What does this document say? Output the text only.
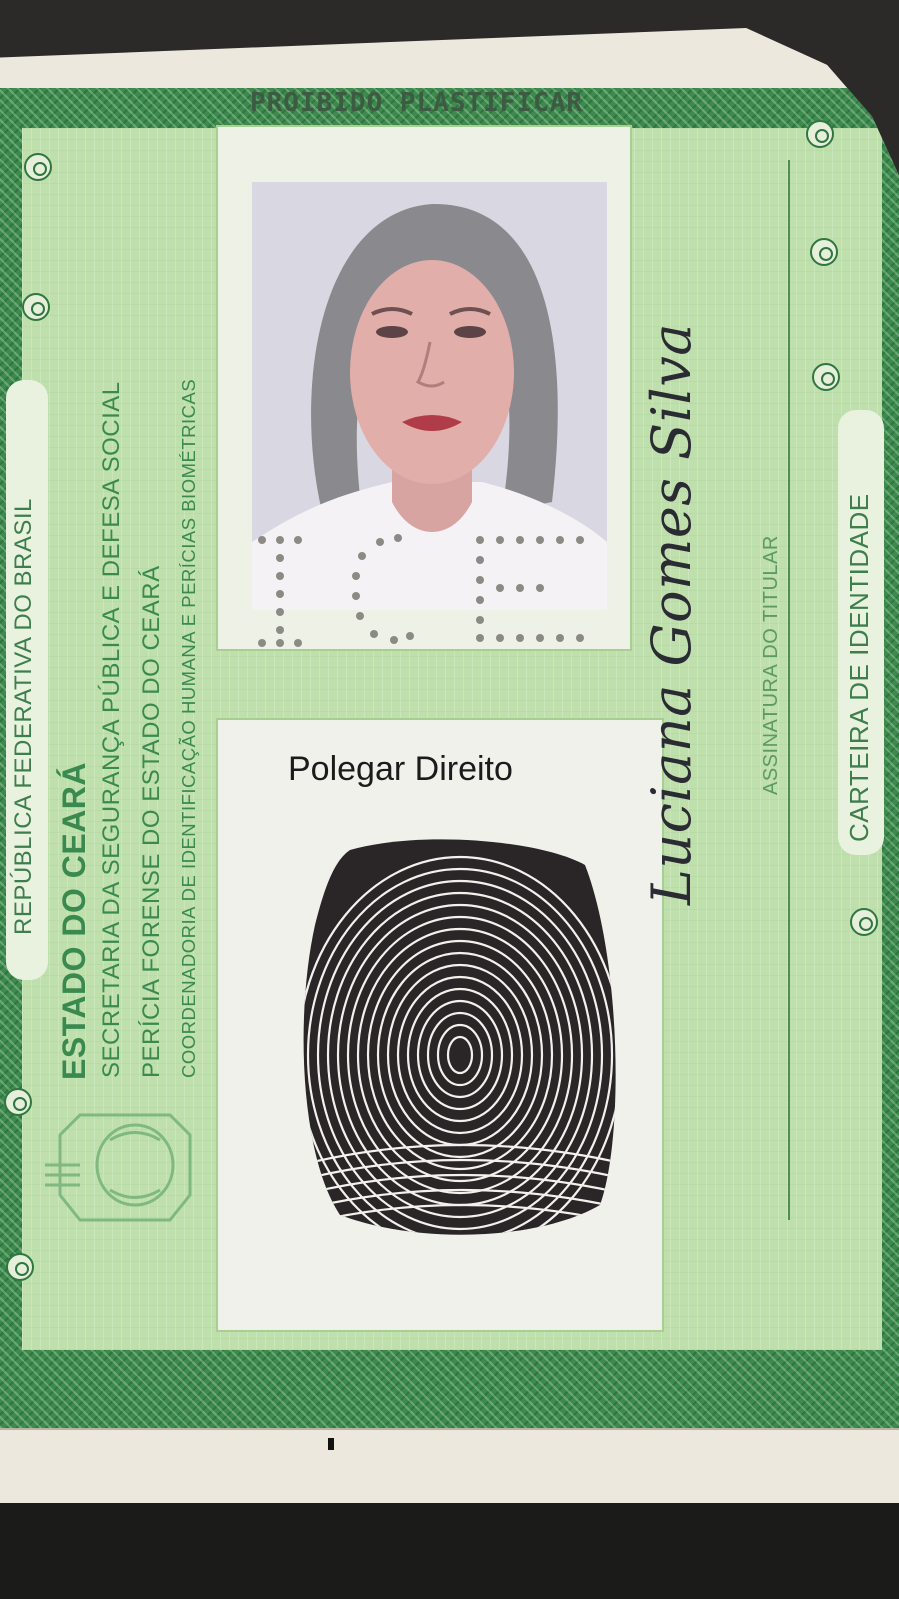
PROIBIDO PLASTIFICAR
REPÚBLICA FEDERATIVA DO BRASIL ESTADO DO CEARÁ SECRETARIA DA SEGURANÇA PÚBLICA E DEFESA SOCIAL PERÍCIA FORENSE DO ESTADO DO CEARÁ COORDENADORIA DE IDENTIFICAÇÃO HUMANA E PERÍCIAS BIOMÉTRICAS	Polegar Direito Luciana Gomes Silva	ASSINATURA DO TITULAR CARTEIRA DE IDENTIDADE
